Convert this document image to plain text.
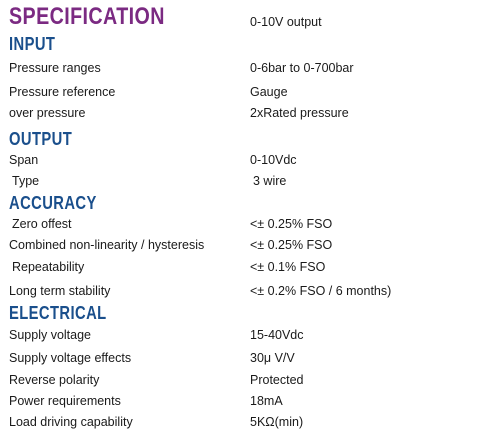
SPECIFICATION	0-10V output
INPUT
Pressure ranges	0-6bar to 0-700bar
Pressure reference	Gauge
over pressure	2xRated pressure
OUTPUT
Span	0-10Vdc
Type	3 wire
ACCURACY
Zero offest	<± 0.25% FSO
Combined non-linearity / hysteresis	<± 0.25% FSO
Repeatability	<± 0.1% FSO
Long term stability	<± 0.2% FSO / 6 months)
ELECTRICAL
Supply voltage	15-40Vdc
Supply voltage effects	30μ V/V
Reverse polarity	Protected
Power requirements	18mA
Load driving capability	5KΩ(min)
